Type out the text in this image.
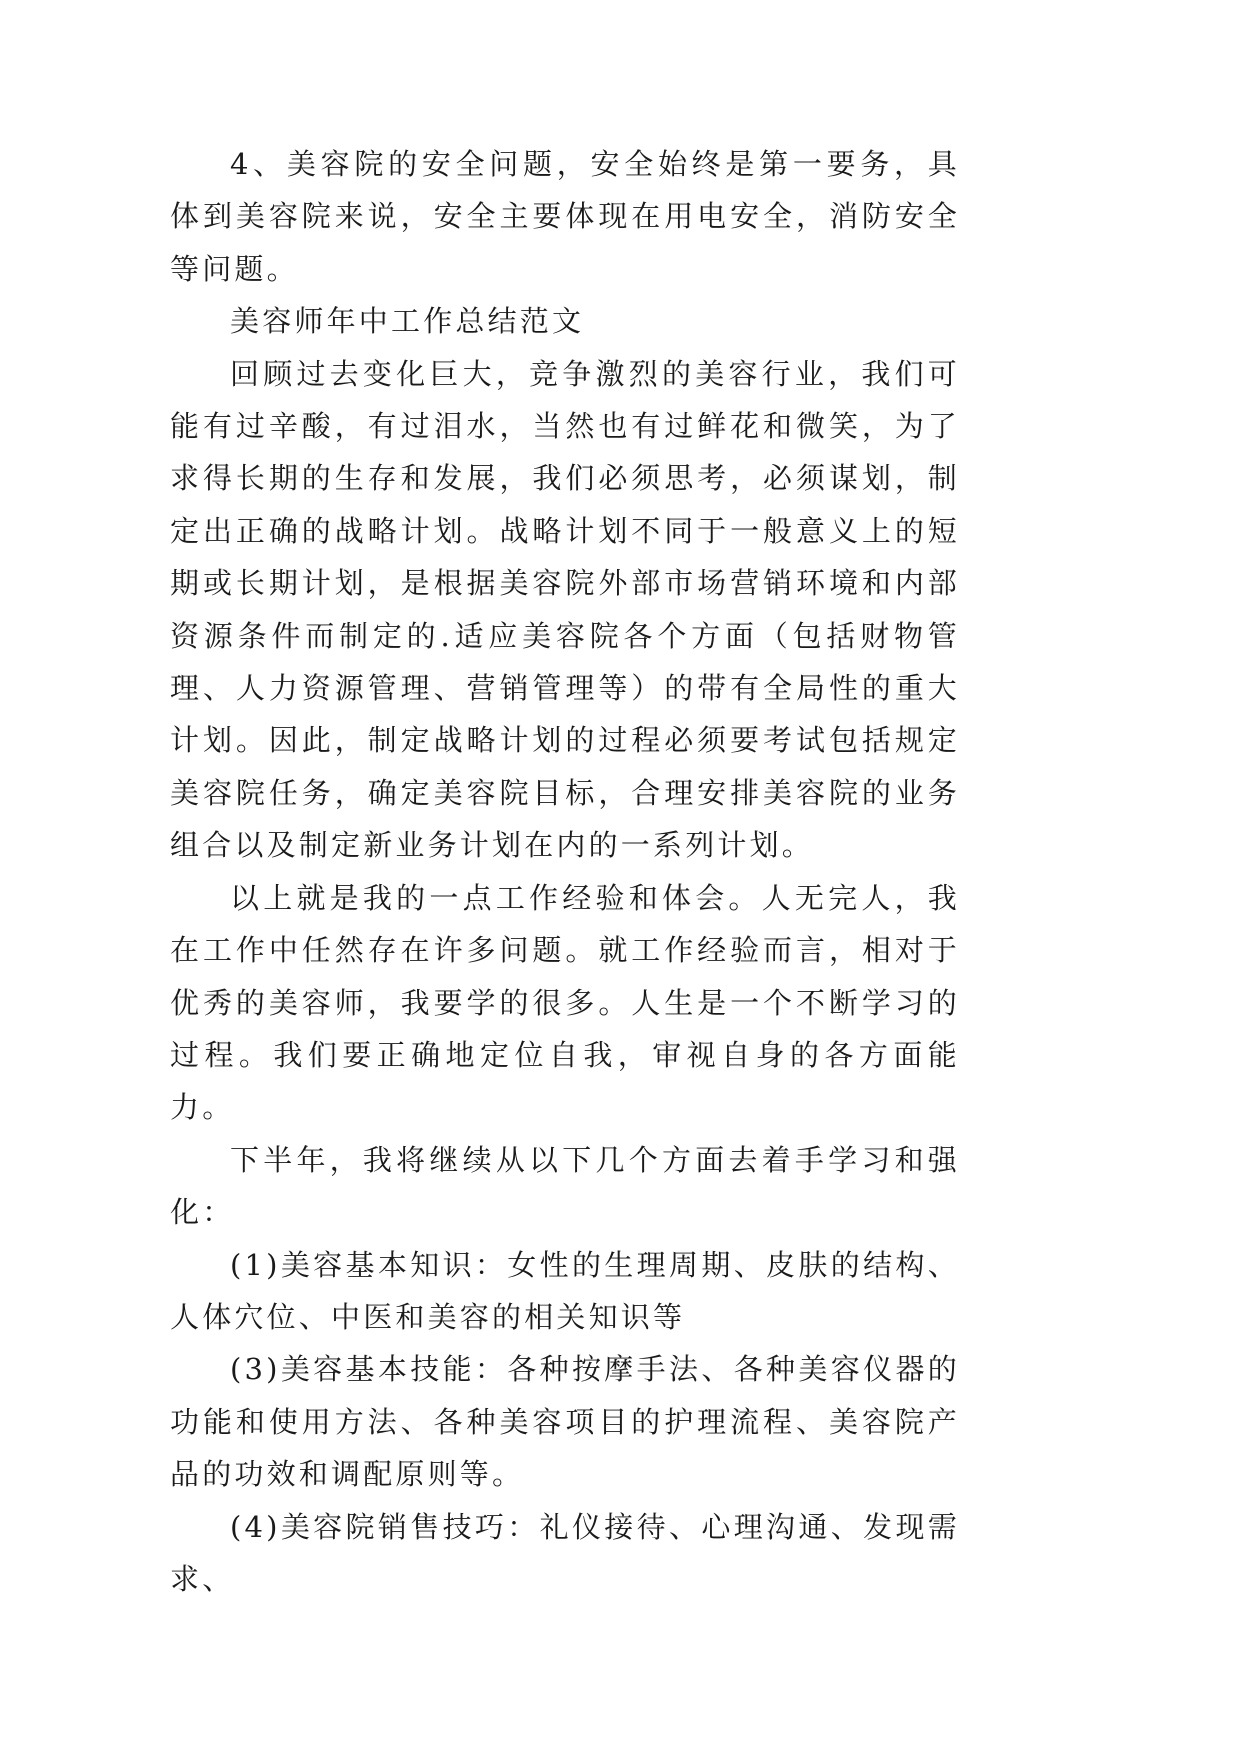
4、美容院的安全问题，安全始终是第一要务，具体到美容院来说，安全主要体现在用电安全，消防安全等问题。

美容师年中工作总结范文

回顾过去变化巨大，竞争激烈的美容行业，我们可能有过辛酸，有过泪水，当然也有过鲜花和微笑，为了求得长期的生存和发展，我们必须思考，必须谋划，制定出正确的战略计划。战略计划不同于一般意义上的短期或长期计划，是根据美容院外部市场营销环境和内部资源条件而制定的.适应美容院各个方面（包括财物管理、人力资源管理、营销管理等）的带有全局性的重大计划。因此，制定战略计划的过程必须要考试包括规定美容院任务，确定美容院目标，合理安排美容院的业务组合以及制定新业务计划在内的一系列计划。

以上就是我的一点工作经验和体会。人无完人，我在工作中任然存在许多问题。就工作经验而言，相对于优秀的美容师，我要学的很多。人生是一个不断学习的过程。我们要正确地定位自我，审视自身的各方面能力。

下半年，我将继续从以下几个方面去着手学习和强化：

(1)美容基本知识：女性的生理周期、皮肤的结构、人体穴位、中医和美容的相关知识等

(3)美容基本技能：各种按摩手法、各种美容仪器的功能和使用方法、各种美容项目的护理流程、美容院产品的功效和调配原则等。

(4)美容院销售技巧：礼仪接待、心理沟通、发现需求、
